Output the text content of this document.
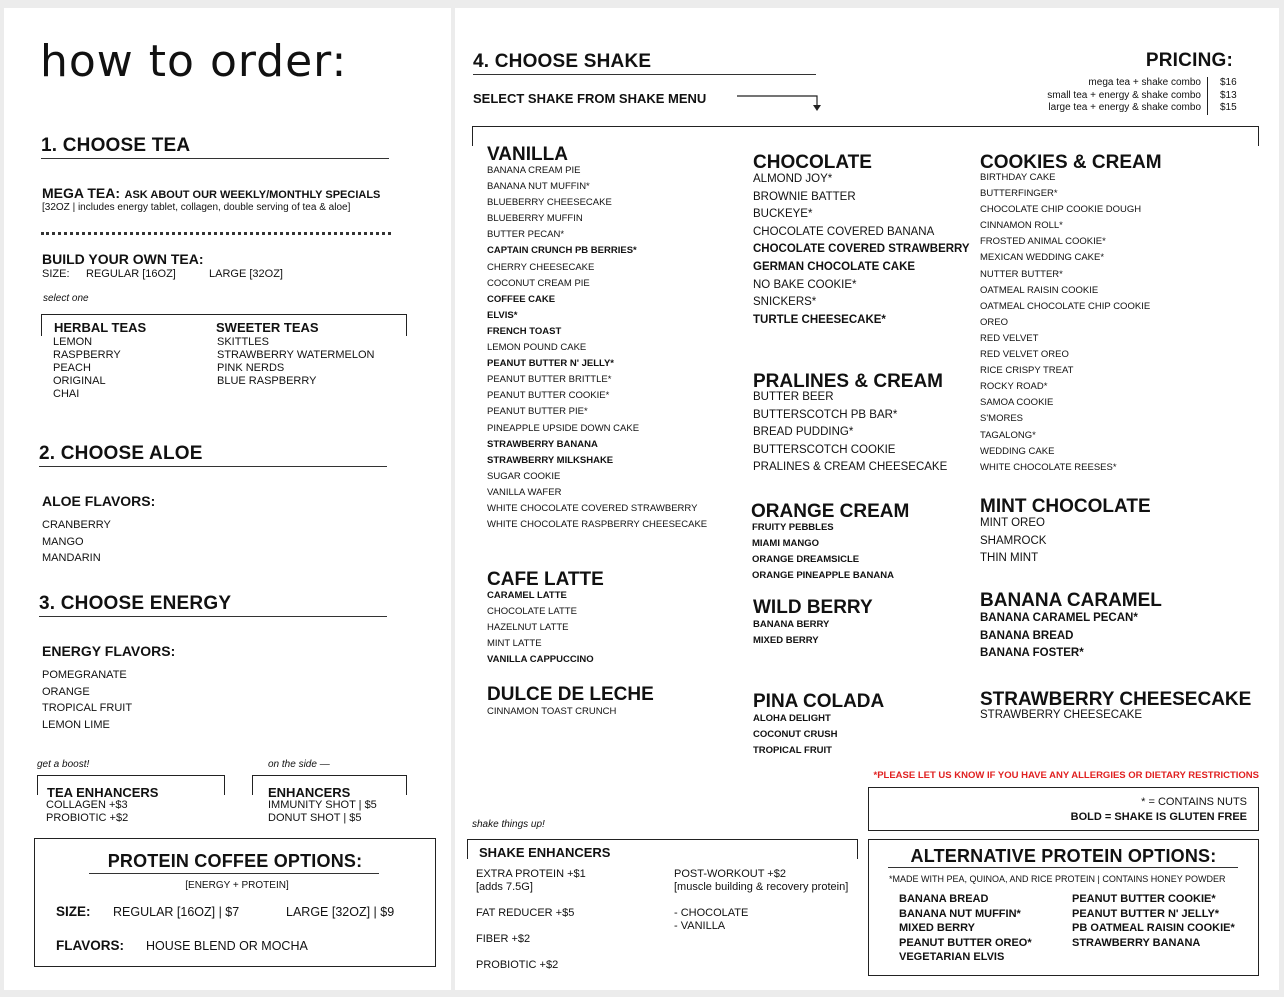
how to order:
1. CHOOSE TEA
MEGA TEA: ASK ABOUT OUR WEEKLY/MONTHLY SPECIALS
[32OZ | includes energy tablet, collagen, double serving of tea & aloe]
BUILD YOUR OWN TEA:
SIZE: REGULAR [16OZ]	LARGE [32OZ]
select one
HERBAL TEAS	SWEETER TEAS
LEMON
RASPBERRY
PEACH
ORIGINAL
CHAI
SKITTLES
STRAWBERRY WATERMELON
PINK NERDS
BLUE RASPBERRY
2. CHOOSE ALOE
ALOE FLAVORS:
CRANBERRY
MANGO
MANDARIN
3. CHOOSE ENERGY
ENERGY FLAVORS:
POMEGRANATE
ORANGE
TROPICAL FRUIT
LEMON LIME
get a boost!	on the side —
TEA ENHANCERS
COLLAGEN +$3
PROBIOTIC +$2
ENHANCERS
IMMUNITY SHOT | $5
DONUT SHOT | $5
PROTEIN COFFEE OPTIONS:
[ENERGY + PROTEIN]
SIZE: REGULAR [16OZ] | $7	LARGE [32OZ] | $9
FLAVORS: HOUSE BLEND OR MOCHA
4. CHOOSE SHAKE
SELECT SHAKE FROM SHAKE MENU
PRICING:
mega tea + shake combo	$16
small tea + energy & shake combo	$13
large tea + energy & shake combo	$15
VANILLA
BANANA CREAM PIE
BANANA NUT MUFFIN*
BLUEBERRY CHEESECAKE
BLUEBERRY MUFFIN
BUTTER PECAN*
CAPTAIN CRUNCH PB BERRIES*
CHERRY CHEESECAKE
COCONUT CREAM PIE
COFFEE CAKE
ELVIS*
FRENCH TOAST
LEMON POUND CAKE
PEANUT BUTTER N' JELLY*
PEANUT BUTTER BRITTLE*
PEANUT BUTTER COOKIE*
PEANUT BUTTER PIE*
PINEAPPLE UPSIDE DOWN CAKE
STRAWBERRY BANANA
STRAWBERRY MILKSHAKE
SUGAR COOKIE
VANILLA WAFER
WHITE CHOCOLATE COVERED STRAWBERRY
WHITE CHOCOLATE RASPBERRY CHEESECAKE
CAFE LATTE
CARAMEL LATTE
CHOCOLATE LATTE
HAZELNUT LATTE
MINT LATTE
VANILLA CAPPUCCINO
DULCE DE LECHE
CINNAMON TOAST CRUNCH
CHOCOLATE
ALMOND JOY*
BROWNIE BATTER
BUCKEYE*
CHOCOLATE COVERED BANANA
CHOCOLATE COVERED STRAWBERRY
GERMAN CHOCOLATE CAKE
NO BAKE COOKIE*
SNICKERS*
TURTLE CHEESECAKE*
PRALINES & CREAM
BUTTER BEER
BUTTERSCOTCH PB BAR*
BREAD PUDDING*
BUTTERSCOTCH COOKIE
PRALINES & CREAM CHEESECAKE
ORANGE CREAM
FRUITY PEBBLES
MIAMI MANGO
ORANGE DREAMSICLE
ORANGE PINEAPPLE BANANA
WILD BERRY
BANANA BERRY
MIXED BERRY
PINA COLADA
ALOHA DELIGHT
COCONUT CRUSH
TROPICAL FRUIT
COOKIES & CREAM
BIRTHDAY CAKE
BUTTERFINGER*
CHOCOLATE CHIP COOKIE DOUGH
CINNAMON ROLL*
FROSTED ANIMAL COOKIE*
MEXICAN WEDDING CAKE*
NUTTER BUTTER*
OATMEAL RAISIN COOKIE
OATMEAL CHOCOLATE CHIP COOKIE
OREO
RED VELVET
RED VELVET OREO
RICE CRISPY TREAT
ROCKY ROAD*
SAMOA COOKIE
S'MORES
TAGALONG*
WEDDING CAKE
WHITE CHOCOLATE REESES*
MINT CHOCOLATE
MINT OREO
SHAMROCK
THIN MINT
BANANA CARAMEL
BANANA CARAMEL PECAN*
BANANA BREAD
BANANA FOSTER*
STRAWBERRY CHEESECAKE
STRAWBERRY CHEESECAKE
*PLEASE LET US KNOW IF YOU HAVE ANY ALLERGIES OR DIETARY RESTRICTIONS
* = CONTAINS NUTS
BOLD = SHAKE IS GLUTEN FREE
shake things up!
SHAKE ENHANCERS
EXTRA PROTEIN +$1
[adds 7.5G]
FAT REDUCER +$5
FIBER +$2
PROBIOTIC +$2
POST-WORKOUT +$2
[muscle building & recovery protein]
- CHOCOLATE
- VANILLA
ALTERNATIVE PROTEIN OPTIONS:
*MADE WITH PEA, QUINOA, AND RICE PROTEIN | CONTAINS HONEY POWDER
BANANA BREAD
BANANA NUT MUFFIN*
MIXED BERRY
PEANUT BUTTER OREO*
VEGETARIAN ELVIS
PEANUT BUTTER COOKIE*
PEANUT BUTTER N' JELLY*
PB OATMEAL RAISIN COOKIE*
STRAWBERRY BANANA
